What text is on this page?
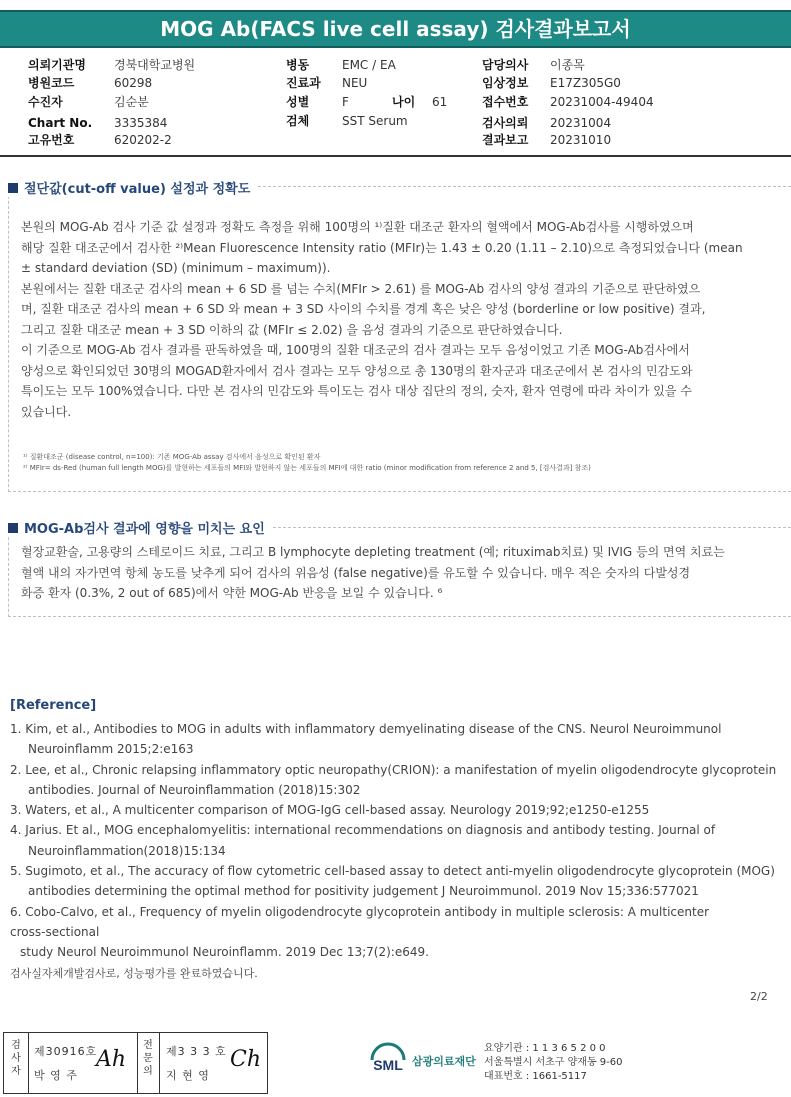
MOG Ab(FACS live cell assay) 검사결과보고서
의뢰기관명 경북대학교병원
병원코드	60298
수진자	김순분
Chart No. 3335384
고유번호	620202-2
병동	EMC / EA
진료과 NEU
성별	F	나이 61
검체	SST Serum
담당의사 이종목
임상정보 E17Z305G0
접수번호 20231004-49404
검사의뢰 20231004
결과보고 20231010
본원의 MOG-Ab 검사 기준 값 설정과 정확도 측정을 위해 100명의 ¹⁾질환 대조군 환자의 혈액에서 MOG-Ab검사를 시행하였으며
해당 질환 대조군에서 검사한 ²⁾Mean Fluorescence Intensity ratio (MFIr)는 1.43 ± 0.20 (1.11 – 2.10)으로 측정되었습니다 (mean
± standard deviation (SD) (minimum – maximum)).
본원에서는 질환 대조군 검사의 mean + 6 SD 를 넘는 수치(MFIr > 2.61) 를 MOG-Ab 검사의 양성 결과의 기준으로 판단하였으
며, 질환 대조군 검사의 mean + 6 SD 와 mean + 3 SD 사이의 수치를 경계 혹은 낮은 양성 (borderline or low positive) 결과,
그리고 질환 대조군 mean + 3 SD 이하의 값 (MFIr ≤ 2.02) 을 음성 결과의 기준으로 판단하였습니다.
이 기준으로 MOG-Ab 검사 결과를 판독하였을 때, 100명의 질환 대조군의 검사 결과는 모두 음성이었고 기존 MOG-Ab검사에서
양성으로 확인되었던 30명의 MOGAD환자에서 검사 결과는 모두 양성으로 총 130명의 환자군과 대조군에서 본 검사의 민감도와
특이도는 모두 100%였습니다. 다만 본 검사의 민감도와 특이도는 검사 대상 집단의 정의, 숫자, 환자 연령에 따라 차이가 있을 수
있습니다.
¹⁾ 질환대조군 (disease control, n=100): 기존 MOG-Ab assay 검사에서 음성으로 확인된 환자
²⁾ MFIr= ds-Red (human full length MOG)를 발현하는 세포들의 MFI와 발현하지 않는 세포들의 MFI에 대한 ratio (minor modification from reference 2 and 5, [검사결과] 참조)
절단값(cut-off value) 설정과 정확도
혈장교환술, 고용량의 스테로이드 치료, 그리고 B lymphocyte depleting treatment (예; rituximab치료) 및 IVIG 등의 면역 치료는
혈액 내의 자가면역 항체 농도를 낮추게 되어 검사의 위음성 (false negative)를 유도할 수 있습니다. 매우 적은 숫자의 다발성경
화증 환자 (0.3%, 2 out of 685)에서 약한 MOG-Ab 반응을 보일 수 있습니다. ⁶
MOG-Ab검사 결과에 영향을 미치는 요인
[Reference]
1. Kim, et al., Antibodies to MOG in adults with inflammatory demyelinating disease of the CNS. Neurol Neuroimmunol
Neuroinflamm 2015;2:e163
2. Lee, et al., Chronic relapsing inflammatory optic neuropathy(CRION): a manifestation of myelin oligodendrocyte glycoprotein
antibodies. Journal of Neuroinflammation (2018)15:302
3. Waters, et al., A multicenter comparison of MOG-IgG cell-based assay. Neurology 2019;92;e1250-e1255
4. Jarius. Et al., MOG encephalomyelitis: international recommendations on diagnosis and antibody testing. Journal of
Neuroinflammation(2018)15:134
5. Sugimoto, et al., The accuracy of flow cytometric cell-based assay to detect anti-myelin oligodendrocyte glycoprotein (MOG)
antibodies determining the optimal method for positivity judgement J Neuroimmunol. 2019 Nov 15;336:577021
6. Cobo-Calvo, et al., Frequency of myelin oligodendrocyte glycoprotein antibody in multiple sclerosis: A multicenter
cross-sectional
study Neurol Neuroimmunol Neuroinflamm. 2019 Dec 13;7(2):e649.
검사실자체개발검사로, 성능평가를 완료하였습니다.
2/2
검
사
자
제30916호
박 영 주
Ah
전
문
의
제3 3 3 호
지 현 영
Ch	SML 삼광의료재단
요양기관 : 1 1 3 6 5 2 0 0
서울특별시 서초구 양재동 9-60
대표번호 : 1661-5117
